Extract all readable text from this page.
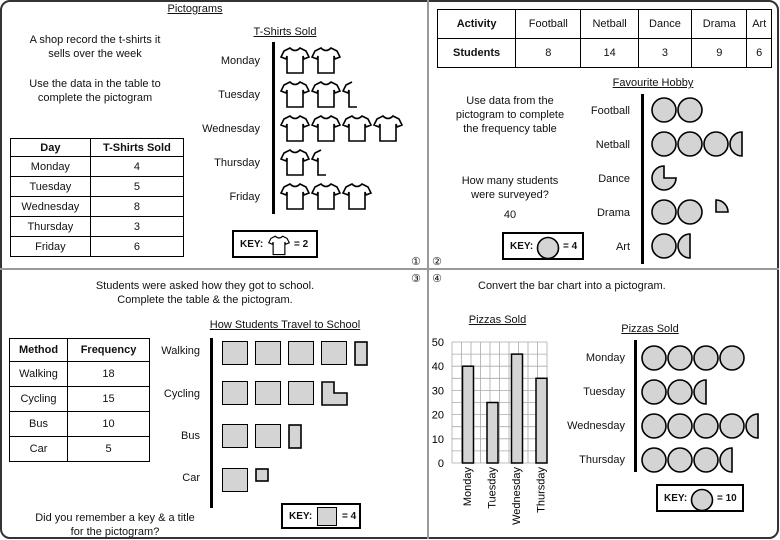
① ②
③ ④
Pictograms
A shop record the t-shirts it sells over the week
Use the data in the table to complete the pictogram
Day	T-Shirts Sold
Monday	4
Tuesday	5
Wednesday	8
Thursday	3
Friday	6
T-Shirts Sold
Monday
Tuesday
Wednesday
Thursday
Friday
KEY:	= 2
Activity	Football	Netball	Dance	Drama	Art
Students	8	14	3	9	6
Use data from the pictogram to complete the frequency table
How many students were surveyed?
40
Favourite Hobby
Football
Netball
Dance
Drama
Art
KEY:	= 4
Students were asked how they got to school. Complete the table & the pictogram.
Method	Frequency
Walking	18
Cycling	15
Bus	10
Car	5
How Students Travel to School
Walking
Cycling
Bus
Car
KEY:	= 4
Did you remember a key & a title for the pictogram?
Convert the bar chart into a pictogram.
Pizzas Sold
0
10
20
30
40
50
Monday Tuesday Wednesday Thursday
Pizzas Sold
Monday
Tuesday
Wednesday
Thursday
KEY:	= 10
